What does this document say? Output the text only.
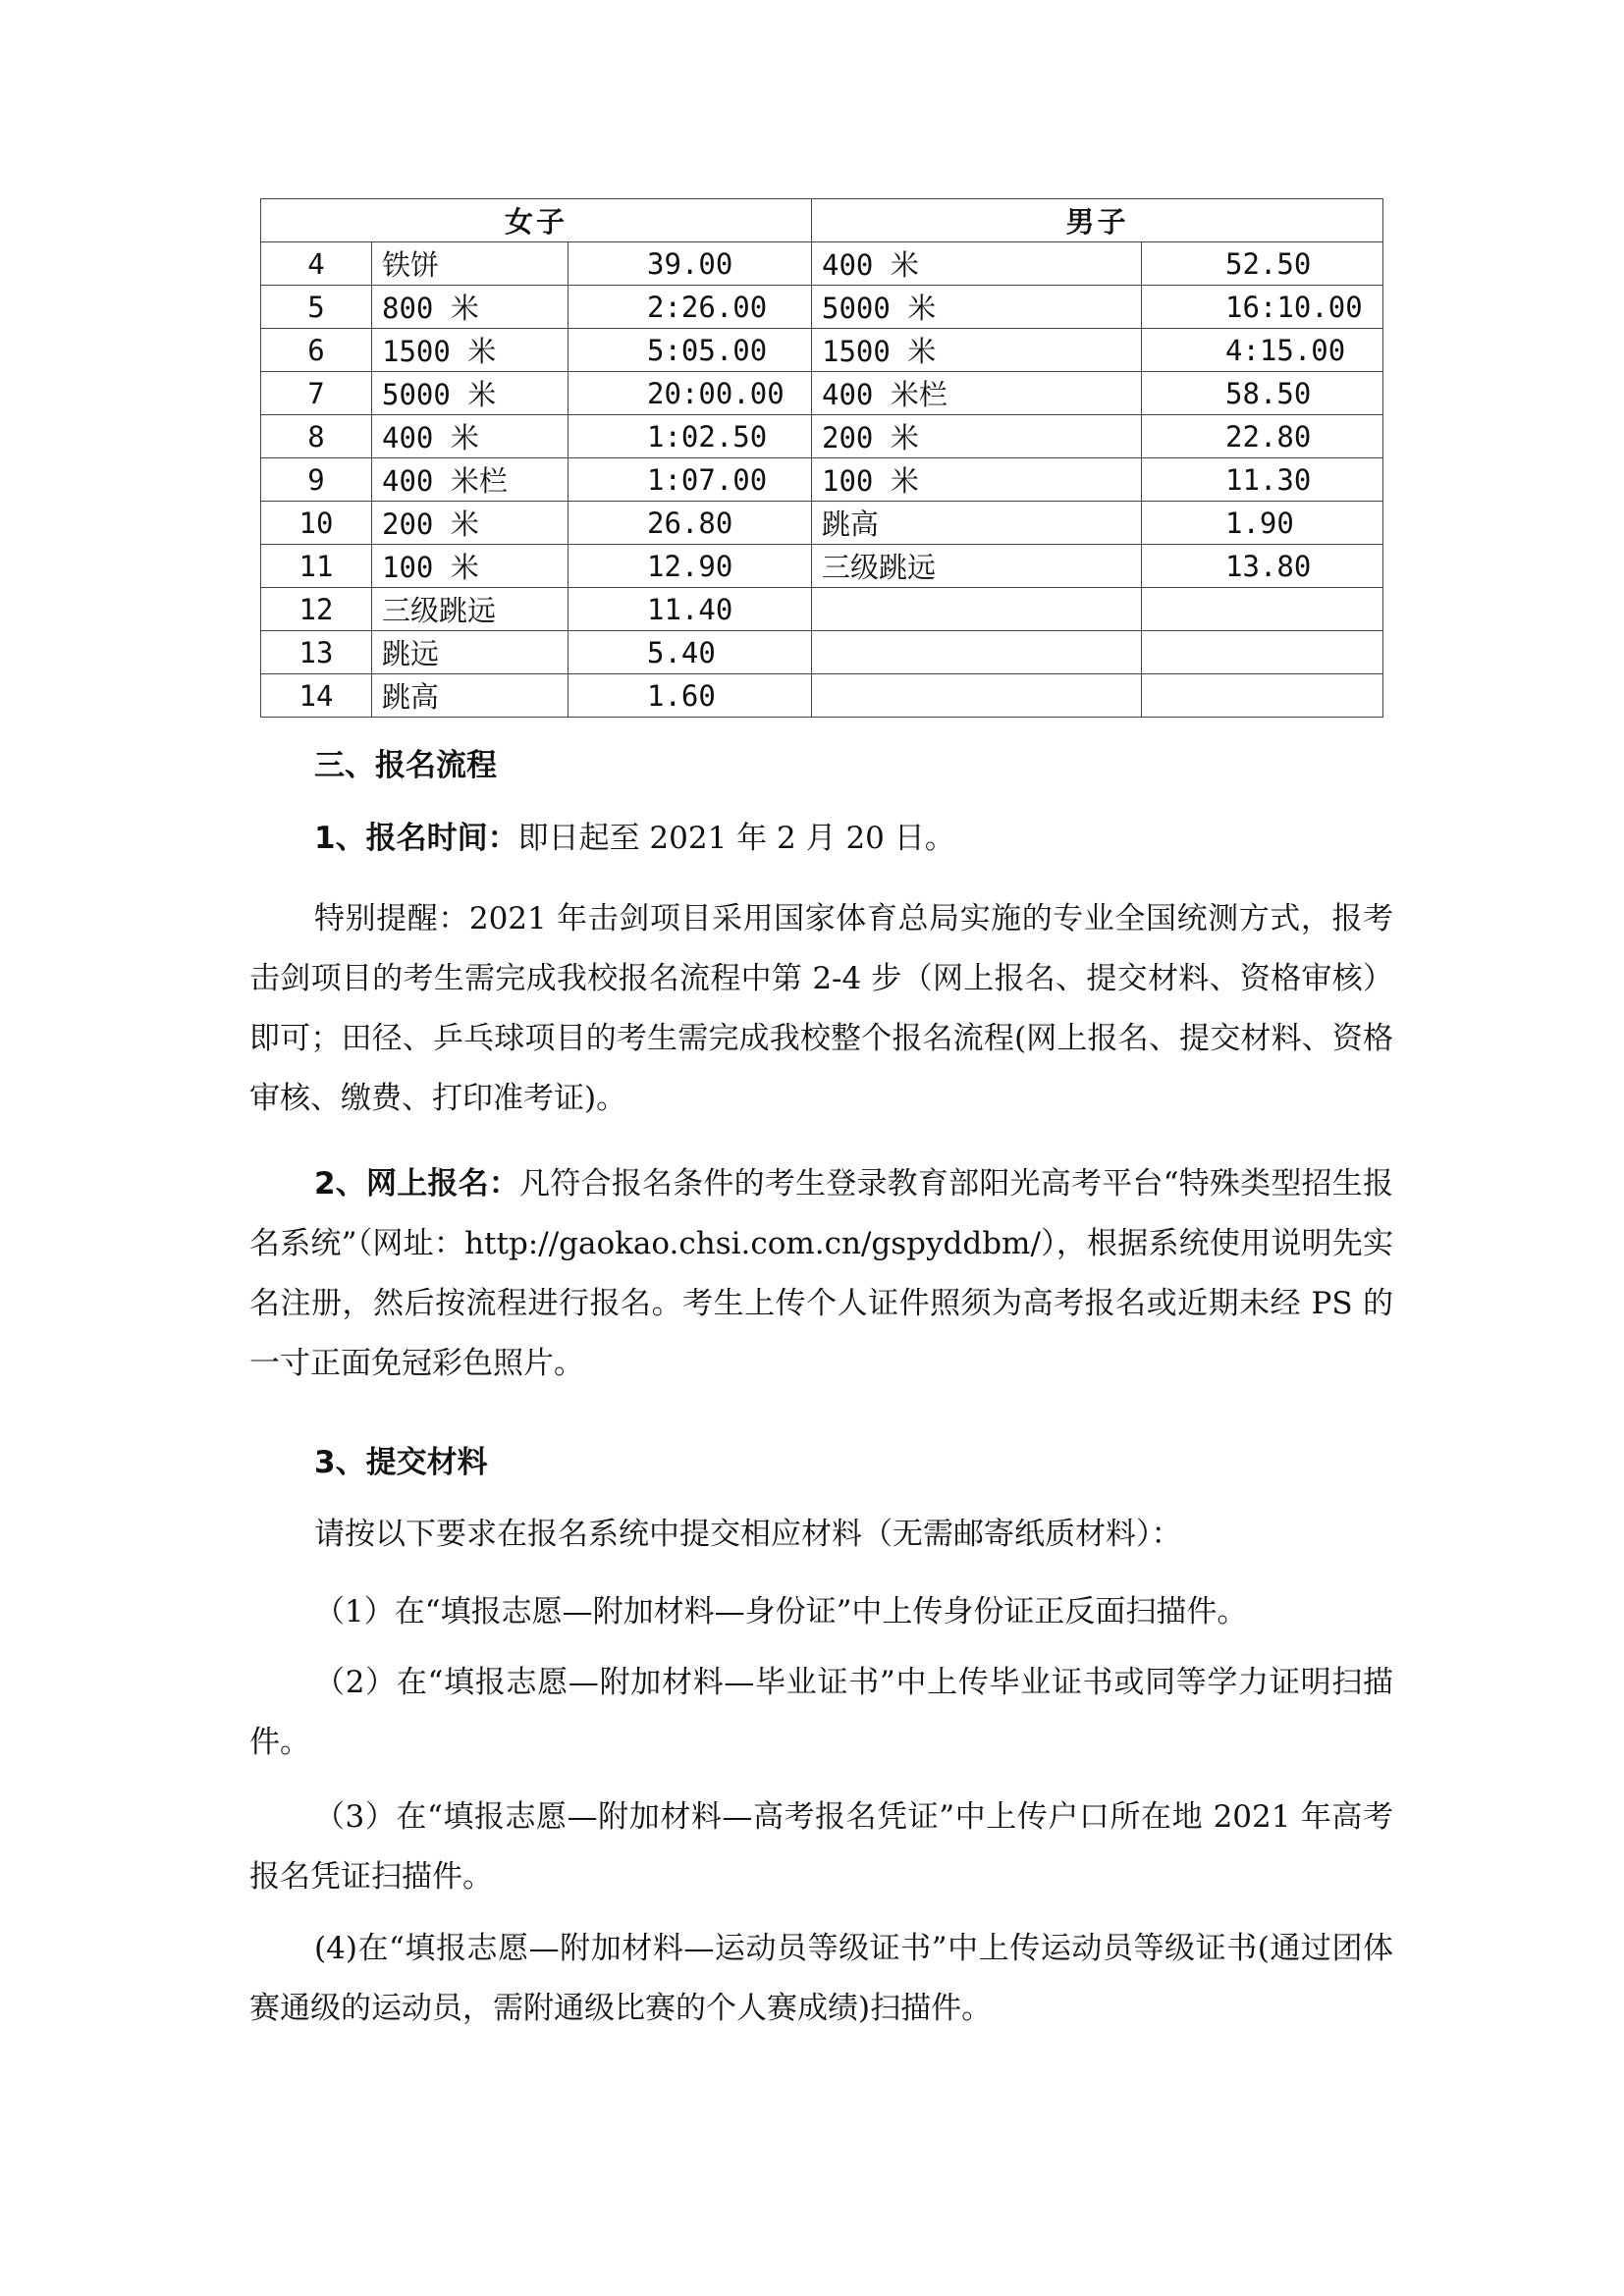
女子			男子	
4	铁饼	39.00	400 米	52.50
5	800 米	2:26.00	5000 米	16:10.00
6	1500 米	5:05.00	1500 米	4:15.00
7	5000 米	20:00.00	400 米栏	58.50
8	400 米	1:02.50	200 米	22.80
9	400 米栏	1:07.00	100 米	11.30
10	200 米	26.80	跳高	1.90
11	100 米	12.90	三级跳远	13.80
12	三级跳远	11.40		
13	跳远	5.40		
14	跳高	1.60		

三、报名流程

1、报名时间：即日起至 2021 年 2 月 20 日。

特别提醒：2021 年击剑项目采用国家体育总局实施的专业全国统测方式，报考击剑项目的考生需完成我校报名流程中第 2-4 步（网上报名、提交材料、资格审核）即可；田径、乒乓球项目的考生需完成我校整个报名流程(网上报名、提交材料、资格审核、缴费、打印准考证)。

2、网上报名：凡符合报名条件的考生登录教育部阳光高考平台“特殊类型招生报名系统”（网址：http://gaokao.chsi.com.cn/gspyddbm/），根据系统使用说明先实名注册，然后按流程进行报名。考生上传个人证件照须为高考报名或近期未经 PS 的一寸正面免冠彩色照片。

3、提交材料

请按以下要求在报名系统中提交相应材料（无需邮寄纸质材料）：

（1）在“填报志愿—附加材料—身份证”中上传身份证正反面扫描件。

（2）在“填报志愿—附加材料—毕业证书”中上传毕业证书或同等学力证明扫描件。

（3）在“填报志愿—附加材料—高考报名凭证”中上传户口所在地 2021 年高考报名凭证扫描件。

(4)在“填报志愿—附加材料—运动员等级证书”中上传运动员等级证书(通过团体赛通级的运动员，需附通级比赛的个人赛成绩)扫描件。
